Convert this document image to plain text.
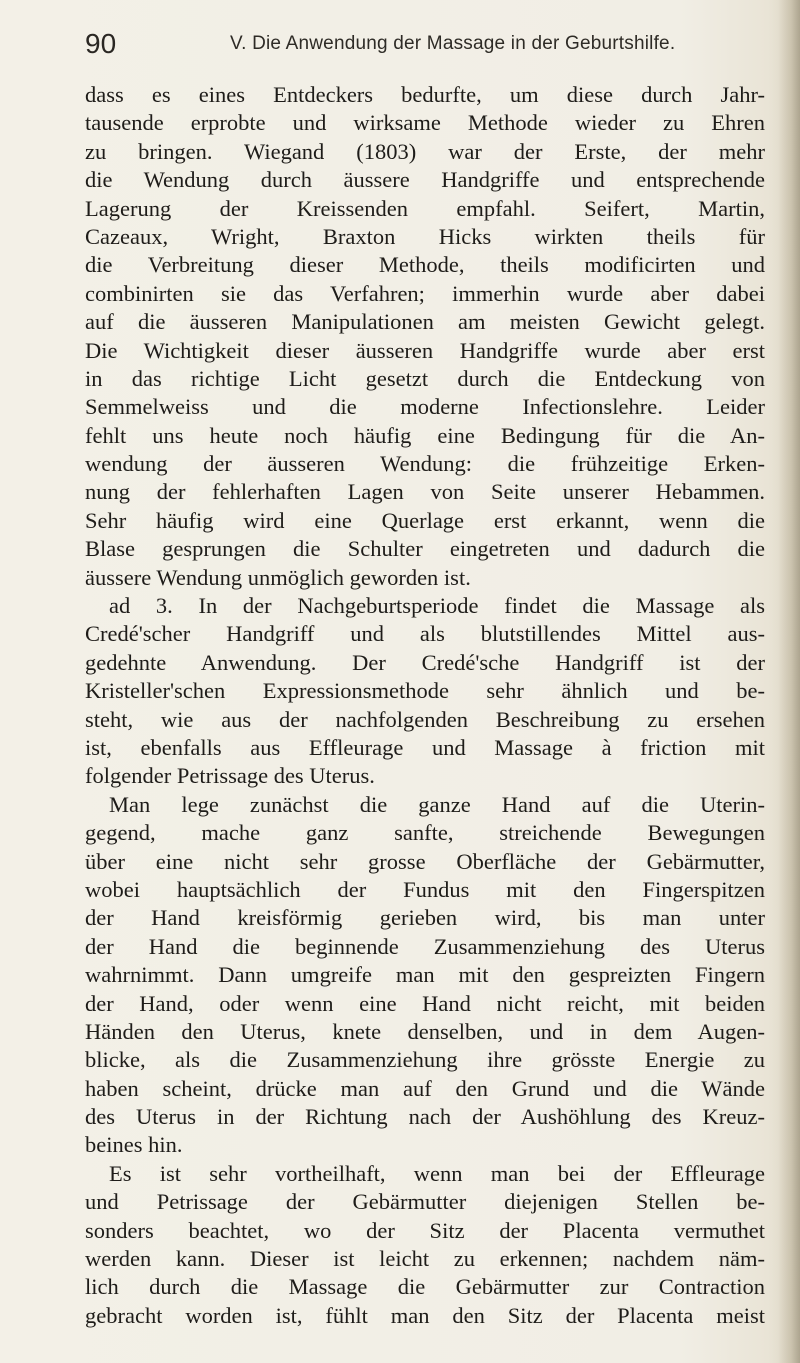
90	V. Die Anwendung der Massage in der Geburtshilfe.
dass es eines Entdeckers bedurfte, um diese durch Jahr-
tausende erprobte und wirksame Methode wieder zu Ehren
zu bringen. Wiegand (1803) war der Erste, der mehr
die Wendung durch äussere Handgriffe und entsprechende
Lagerung der Kreissenden empfahl. Seifert, Martin,
Cazeaux, Wright, Braxton Hicks wirkten theils für
die Verbreitung dieser Methode, theils modificirten und
combinirten sie das Verfahren; immerhin wurde aber dabei
auf die äusseren Manipulationen am meisten Gewicht gelegt.
Die Wichtigkeit dieser äusseren Handgriffe wurde aber erst
in das richtige Licht gesetzt durch die Entdeckung von
Semmelweiss und die moderne Infectionslehre. Leider
fehlt uns heute noch häufig eine Bedingung für die An-
wendung der äusseren Wendung: die frühzeitige Erken-
nung der fehlerhaften Lagen von Seite unserer Hebammen.
Sehr häufig wird eine Querlage erst erkannt, wenn die
Blase gesprungen die Schulter eingetreten und dadurch die
äussere Wendung unmöglich geworden ist.
ad 3. In der Nachgeburtsperiode findet die Massage als
Credé'scher Handgriff und als blutstillendes Mittel aus-
gedehnte Anwendung. Der Credé'sche Handgriff ist der
Kristeller'schen Expressionsmethode sehr ähnlich und be-
steht, wie aus der nachfolgenden Beschreibung zu ersehen
ist, ebenfalls aus Effleurage und Massage à friction mit
folgender Petrissage des Uterus.
Man lege zunächst die ganze Hand auf die Uterin-
gegend, mache ganz sanfte, streichende Bewegungen
über eine nicht sehr grosse Oberfläche der Gebärmutter,
wobei hauptsächlich der Fundus mit den Fingerspitzen
der Hand kreisförmig gerieben wird, bis man unter
der Hand die beginnende Zusammenziehung des Uterus
wahrnimmt. Dann umgreife man mit den gespreizten Fingern
der Hand, oder wenn eine Hand nicht reicht, mit beiden
Händen den Uterus, knete denselben, und in dem Augen-
blicke, als die Zusammenziehung ihre grösste Energie zu
haben scheint, drücke man auf den Grund und die Wände
des Uterus in der Richtung nach der Aushöhlung des Kreuz-
beines hin.
Es ist sehr vortheilhaft, wenn man bei der Effleurage
und Petrissage der Gebärmutter diejenigen Stellen be-
sonders beachtet, wo der Sitz der Placenta vermuthet
werden kann. Dieser ist leicht zu erkennen; nachdem näm-
lich durch die Massage die Gebärmutter zur Contraction
gebracht worden ist, fühlt man den Sitz der Placenta meist
